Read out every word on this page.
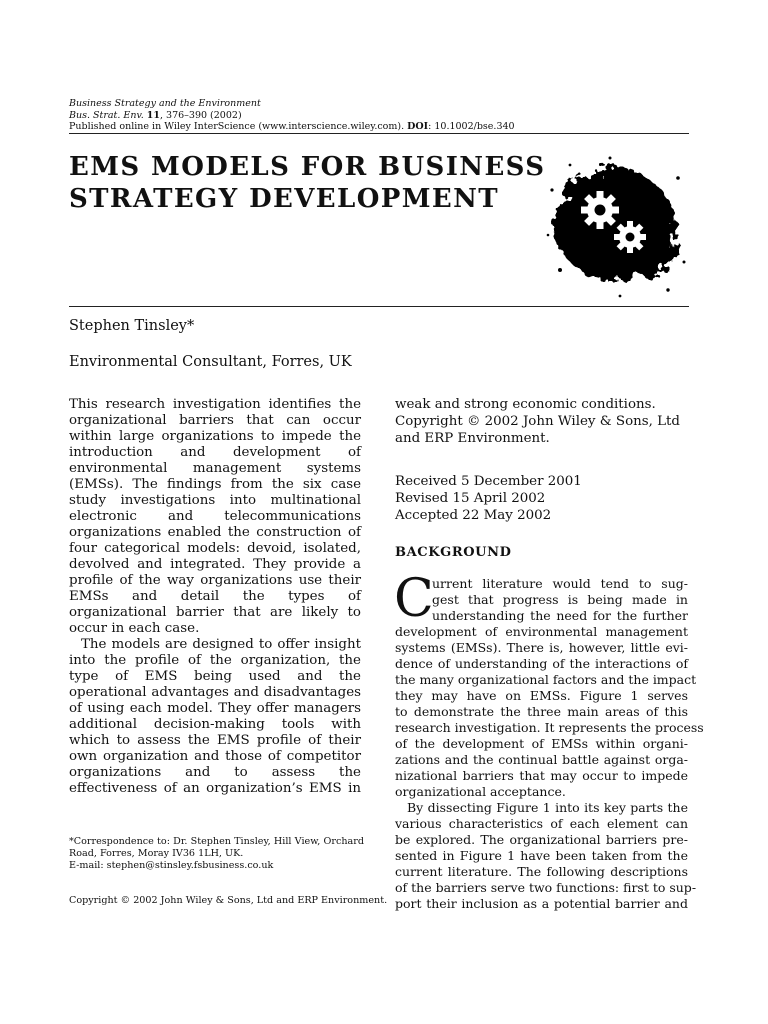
Business Strategy and the Environment
Bus. Strat. Env. 11, 376–390 (2002)
Published online in Wiley InterScience (www.interscience.wiley.com). DOI: 10.1002/bse.340
EMS MODELS FOR BUSINESS
STRATEGY DEVELOPMENT
Stephen Tinsley*
Environmental Consultant, Forres, UK

This research investigation identifies the
organizational barriers that can occur
within large organizations to impede the
introduction and development of
environmental management systems
(EMSs). The findings from the six case
study investigations into multinational
electronic and telecommunications
organizations enabled the construction of
four categorical models: devoid, isolated,
devolved and integrated. They provide a
profile of the way organizations use their
EMSs and detail the types of
organizational barrier that are likely to
occur in each case.

The models are designed to offer insight
into the profile of the organization, the
type of EMS being used and the
operational advantages and disadvantages
of using each model. They offer managers
additional decision-making tools with
which to assess the EMS profile of their
own organization and those of competitor
organizations and to assess the
effectiveness of an organization’s EMS in

weak and strong economic conditions.
Copyright © 2002 John Wiley & Sons, Ltd
and ERP Environment.
Received 5 December 2001
Revised 15 April 2002
Accepted 22 May 2002
BACKGROUND
C
urrent literature would tend to sug-
gest that progress is being made in
understanding the need for the further
development of environmental management
systems (EMSs). There is, however, little evi-
dence of understanding of the interactions of
the many organizational factors and the impact
they may have on EMSs. Figure 1 serves
to demonstrate the three main areas of this
research investigation. It represents the process
of the development of EMSs within organi-
zations and the continual battle against orga-
nizational barriers that may occur to impede
organizational acceptance.
By dissecting Figure 1 into its key parts the
various characteristics of each element can
be explored. The organizational barriers pre-
sented in Figure 1 have been taken from the
current literature. The following descriptions
of the barriers serve two functions: first to sup-
port their inclusion as a potential barrier and
*Correspondence to: Dr. Stephen Tinsley, Hill View, Orchard
Road, Forres, Moray IV36 1LH, UK.
E-mail: stephen@stinsley.fsbusiness.co.uk
Copyright © 2002 John Wiley & Sons, Ltd and ERP Environment.
